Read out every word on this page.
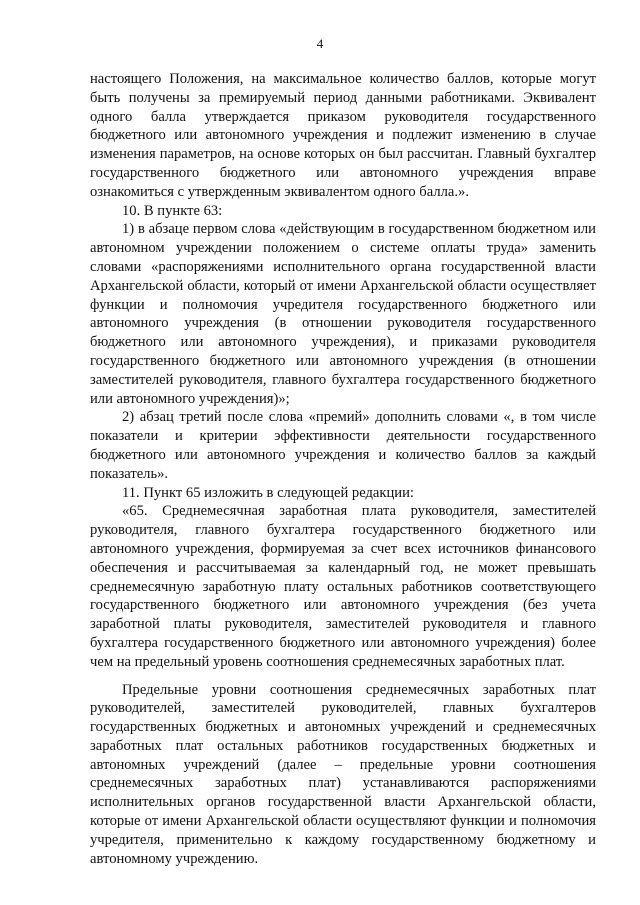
4

настоящего Положения, на максимальное количество баллов, которые могут быть получены за премируемый период данными работниками. Эквивалент одного балла утверждается приказом руководителя государственного бюджетного или автономного учреждения и подлежит изменению в случае изменения параметров, на основе которых он был рассчитан. Главный бухгалтер государственного бюджетного или автономного учреждения вправе ознакомиться с утвержденным эквивалентом одного балла.».

10. В пункте 63:

1) в абзаце первом слова «действующим в государственном бюджетном или автономном учреждении положением о системе оплаты труда» заменить словами «распоряжениями исполнительного органа государственной власти Архангельской области, который от имени Архангельской области осуществляет функции и полномочия учредителя государственного бюджетного или автономного учреждения (в отношении руководителя государственного бюджетного или автономного учреждения), и приказами руководителя государственного бюджетного или автономного учреждения (в отношении заместителей руководителя, главного бухгалтера государственного бюджетного или автономного учреждения)»;

2) абзац третий после слова «премий» дополнить словами «, в том числе показатели и критерии эффективности деятельности государственного бюджетного или автономного учреждения и количество баллов за каждый показатель».

11. Пункт 65 изложить в следующей редакции:

«65. Среднемесячная заработная плата руководителя, заместителей руководителя, главного бухгалтера государственного бюджетного или автономного учреждения, формируемая за счет всех источников финансового обеспечения и рассчитываемая за календарный год, не может превышать среднемесячную заработную плату остальных работников соответствующего государственного бюджетного или автономного учреждения (без учета заработной платы руководителя, заместителей руководителя и главного бухгалтера государственного бюджетного или автономного учреждения) более чем на предельный уровень соотношения среднемесячных заработных плат.

Предельные уровни соотношения среднемесячных заработных плат руководителей, заместителей руководителей, главных бухгалтеров государственных бюджетных и автономных учреждений и среднемесячных заработных плат остальных работников государственных бюджетных и автономных учреждений (далее – предельные уровни соотношения среднемесячных заработных плат) устанавливаются распоряжениями исполнительных органов государственной власти Архангельской области, которые от имени Архангельской области осуществляют функции и полномочия учредителя, применительно к каждому государственному бюджетному и автономному учреждению.
